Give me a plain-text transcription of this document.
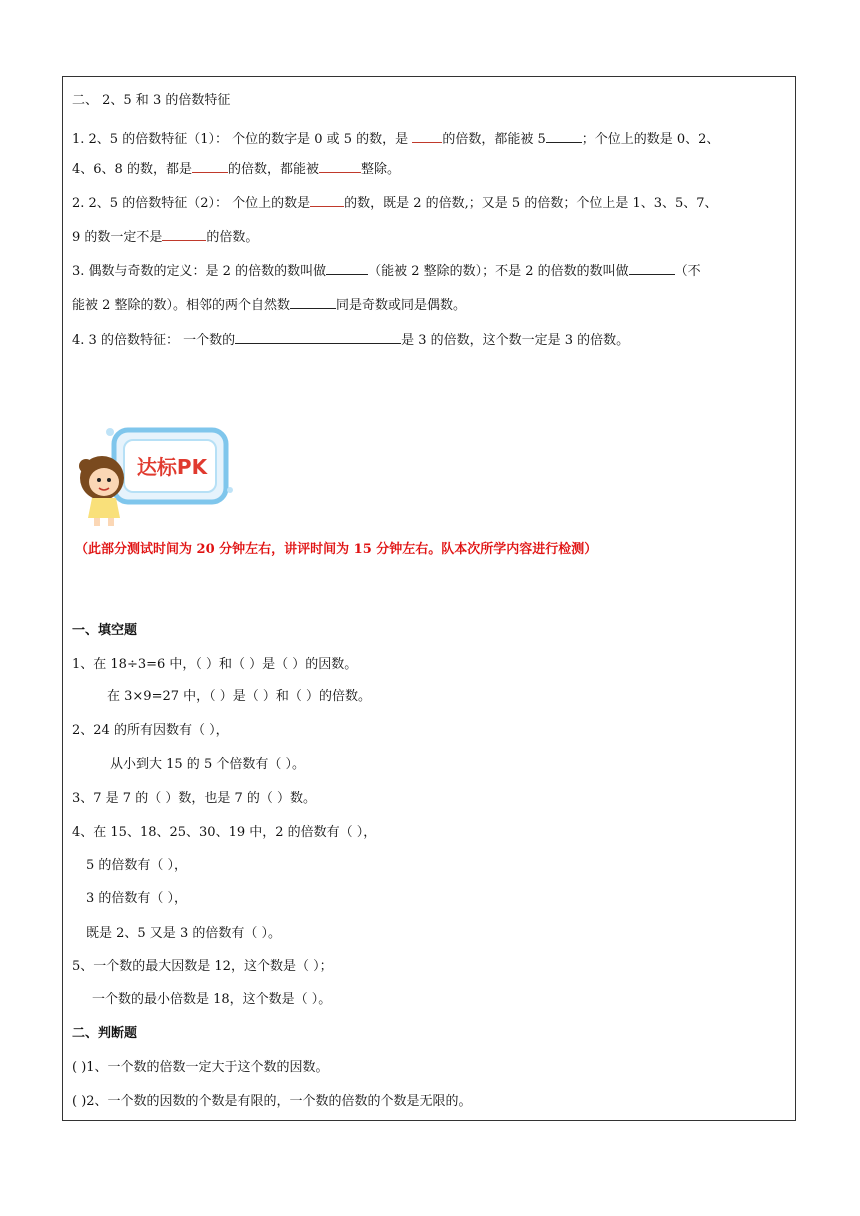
二、 2、5 和 3 的倍数特征
1. 2、5 的倍数特征（1）： 个位的数字是 0 或 5 的数，是 的倍数，都能被 5	；个位上的数是 0、2、
4、6、8 的数，都是	的倍数，都能被	整除。
2. 2、5 的倍数特征（2）： 个位上的数是	的数，既是 2 的倍数,；又是 5 的倍数；个位上是 1、3、5、7、
9 的数一定不是	的倍数。
3. 偶数与奇数的定义：是 2 的倍数的数叫做	（能被 2 整除的数）；不是 2 的倍数的数叫做	（不
能被 2 整除的数）。相邻的两个自然数	同是奇数或同是偶数。
4. 3 的倍数特征： 一个数的	是 3 的倍数，这个数一定是 3 的倍数。
达标PK
（此部分测试时间为 20 分钟左右，讲评时间为 15 分钟左右。队本次所学内容进行检测）
一、填空题
1、在 18÷3=6 中，（ ）和（ ）是（ ）的因数。
在 3×9=27 中，（ ）是（ ）和（ ）的倍数。
2、24 的所有因数有（ ），
从小到大 15 的 5 个倍数有（ ）。
3、7 是 7 的（ ）数，也是 7 的（ ）数。
4、在 15、18、25、30、19 中，2 的倍数有（ ），
5 的倍数有（ ），
3 的倍数有（ ），
既是 2、5 又是 3 的倍数有（ ）。
5、一个数的最大因数是 12，这个数是（ ）；
一个数的最小倍数是 18，这个数是（ ）。
二、判断题
( )1、一个数的倍数一定大于这个数的因数。
( )2、一个数的因数的个数是有限的，一个数的倍数的个数是无限的。
